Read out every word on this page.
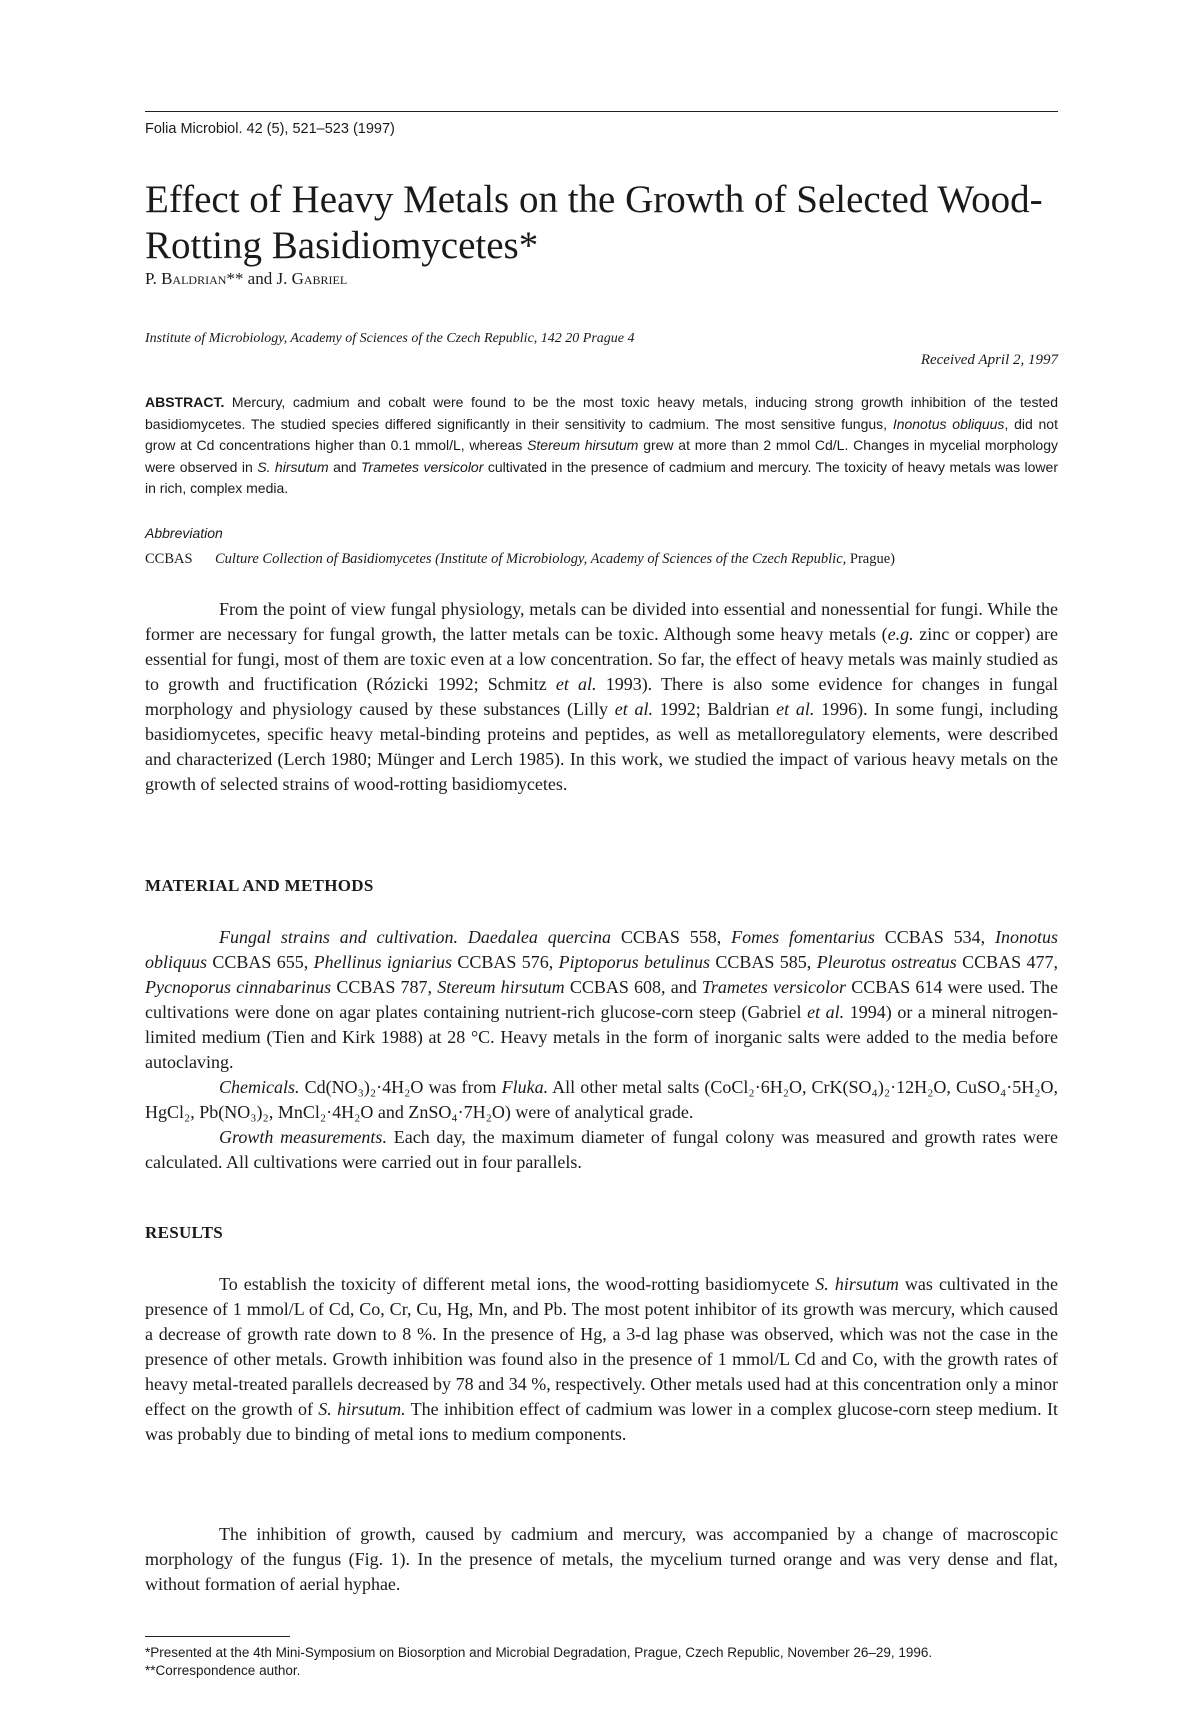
Folia Microbiol. 42 (5), 521–523 (1997)
Effect of Heavy Metals on the Growth of Selected Wood-Rotting Basidiomycetes*
P. Baldrian** and J. Gabriel
Institute of Microbiology, Academy of Sciences of the Czech Republic, 142 20 Prague 4
Received April 2, 1997

ABSTRACT. Mercury, cadmium and cobalt were found to be the most toxic heavy metals, inducing strong growth inhibition of the tested basidiomycetes. The studied species differed significantly in their sensitivity to cadmium. The most sensitive fungus, Inonotus obliquus, did not grow at Cd concentrations higher than 0.1 mmol/L, whereas Stereum hirsutum grew at more than 2 mmol Cd/L. Changes in mycelial morphology were observed in S. hirsutum and Trametes versicolor cultivated in the presence of cadmium and mercury. The toxicity of heavy metals was lower in rich, complex media.

Abbreviation
CCBAS	Culture Collection of Basidiomycetes (Institute of Microbiology, Academy of Sciences of the Czech Republic, Prague)

From the point of view fungal physiology, metals can be divided into essential and nonessential for fungi. While the former are necessary for fungal growth, the latter metals can be toxic. Although some heavy metals (e.g. zinc or copper) are essential for fungi, most of them are toxic even at a low concentration. So far, the effect of heavy metals was mainly studied as to growth and fructification (Rózicki 1992; Schmitz et al. 1993). There is also some evidence for changes in fungal morphology and physiology caused by these substances (Lilly et al. 1992; Baldrian et al. 1996). In some fungi, including basidiomycetes, specific heavy metal-binding proteins and peptides, as well as metalloregulatory elements, were described and characterized (Lerch 1980; Münger and Lerch 1985). In this work, we studied the impact of various heavy metals on the growth of selected strains of wood-rotting basidiomycetes.

MATERIAL AND METHODS

Fungal strains and cultivation. Daedalea quercina CCBAS 558, Fomes fomentarius CCBAS 534, Inonotus obliquus CCBAS 655, Phellinus igniarius CCBAS 576, Piptoporus betulinus CCBAS 585, Pleurotus ostreatus CCBAS 477, Pycnoporus cinnabarinus CCBAS 787, Stereum hirsutum CCBAS 608, and Trametes versicolor CCBAS 614 were used. The cultivations were done on agar plates containing nutrient-rich glucose-corn steep (Gabriel et al. 1994) or a mineral nitrogen-limited medium (Tien and Kirk 1988) at 28 °C. Heavy metals in the form of inorganic salts were added to the media before autoclaving.

Chemicals. Cd(NO₃)₂·4H₂O was from Fluka. All other metal salts (CoCl₂·6H₂O, CrK(SO₄)₂·12H₂O, CuSO₄·5H₂O, HgCl₂, Pb(NO₃)₂, MnCl₂·4H₂O and ZnSO₄·7H₂O) were of analytical grade.

Growth measurements. Each day, the maximum diameter of fungal colony was measured and growth rates were calculated. All cultivations were carried out in four parallels.

RESULTS

To establish the toxicity of different metal ions, the wood-rotting basidiomycete S. hirsutum was cultivated in the presence of 1 mmol/L of Cd, Co, Cr, Cu, Hg, Mn, and Pb. The most potent inhibitor of its growth was mercury, which caused a decrease of growth rate down to 8 %. In the presence of Hg, a 3-d lag phase was observed, which was not the case in the presence of other metals. Growth inhibition was found also in the presence of 1 mmol/L Cd and Co, with the growth rates of heavy metal-treated parallels decreased by 78 and 34 %, respectively. Other metals used had at this concentration only a minor effect on the growth of S. hirsutum. The inhibition effect of cadmium was lower in a complex glucose-corn steep medium. It was probably due to binding of metal ions to medium components.

The inhibition of growth, caused by cadmium and mercury, was accompanied by a change of macroscopic morphology of the fungus (Fig. 1). In the presence of metals, the mycelium turned orange and was very dense and flat, without formation of aerial hyphae.

*Presented at the 4th Mini-Symposium on Biosorption and Microbial Degradation, Prague, Czech Republic, November 26–29, 1996.
**Correspondence author.
